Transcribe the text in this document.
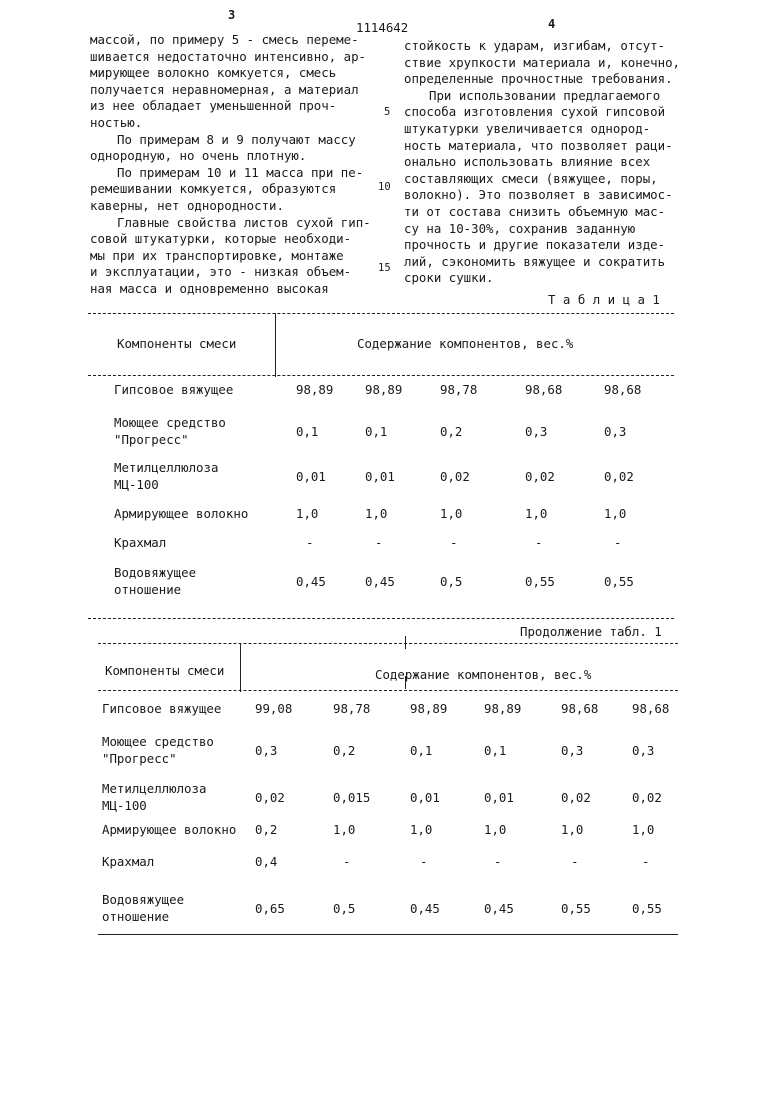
3
1114642	4
массой, по примеру 5 - смесь переме-
шивается недостаточно интенсивно, ар-
мирующее волокно комкуется, смесь
получается неравномерная, а материал
из нее обладает уменьшенной проч-
ностью.
По примерам 8 и 9 получают массу
однородную, но очень плотную.
По примерам 10 и 11 масса при пе-
ремешивании комкуется, образуются
каверны, нет однородности.
Главные свойства листов сухой гип-
совой штукатурки, которые необходи-
мы при их транспортировке, монтаже
и эксплуатации, это - низкая объем-
ная масса и одновременно высокая
стойкость к ударам, изгибам, отсут-
ствие хрупкости материала и, конечно,
определенные прочностные требования.
При использовании предлагаемого
способа изготовления сухой гипсовой
штукатурки увеличивается однород-
ность материала, что позволяет раци-
онально использовать влияние всех
составляющих смеси (вяжущее, поры,
волокно). Это позволяет в зависимос-
ти от состава снизить объемную мас-
су на 10-30%, сохранив заданную
прочность и другие показатели изде-
лий, сэкономить вяжущее и сократить
сроки сушки.
5
10
15
Т а б л и ц а 1
Компоненты смеси	Содержание компонентов, вес.%
Гипсовое вяжущее	98,89	98,89	98,78	98,68	98,68
Моющее средство
"Прогресс"
0,1	0,1	0,2	0,3	0,3
Метилцеллюлоза
МЦ-100
0,01	0,01	0,02	0,02	0,02
Армирующее волокно	1,0	1,0	1,0	1,0	1,0
Крахмал	-	-	-	-	-
Водовяжущее
отношение
0,45	0,45	0,5	0,55	0,55
Продолжение табл. 1
Компоненты смеси	Содержание компонентов, вес.%
Гипсовое вяжущее	99,08	98,78	98,89	98,89	98,68	98,68
Моющее средство
"Прогресс"
0,3	0,2	0,1	0,1	0,3	0,3
Метилцеллюлоза
МЦ-100
0,02	0,015	0,01	0,01	0,02	0,02
Армирующее волокно 0,2	1,0	1,0	1,0	1,0	1,0
Крахмал	0,4	-	-	-	-	-
Водовяжущее
отношение
0,65	0,5	0,45	0,45	0,55	0,55
